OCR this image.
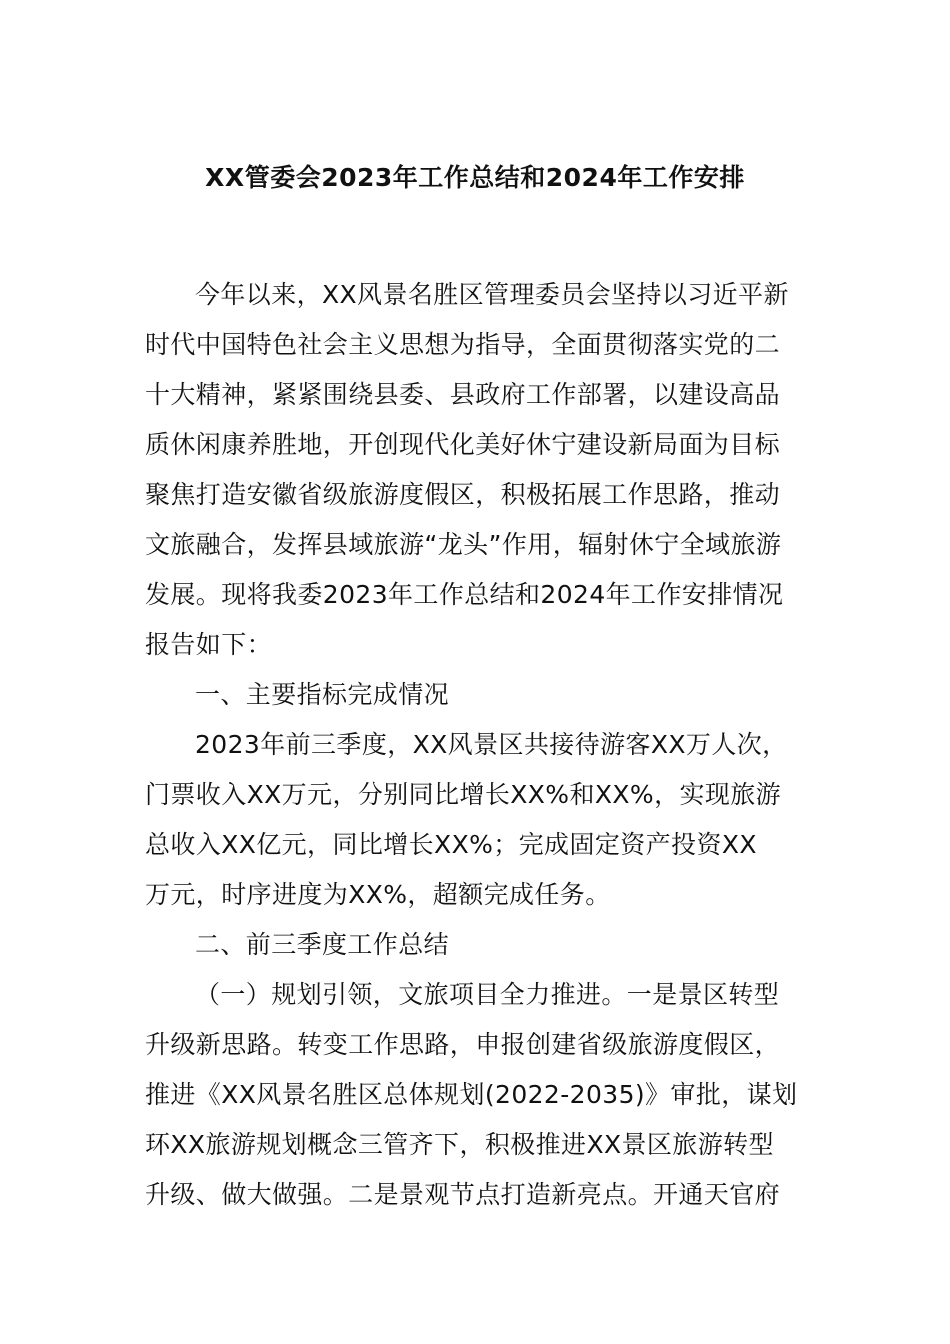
XX管委会2023年工作总结和2024年工作安排
今年以来，XX风景名胜区管理委员会坚持以习近平新
时代中国特色社会主义思想为指导，全面贯彻落实党的二
十大精神，紧紧围绕县委、县政府工作部署，以建设高品
质休闲康养胜地，开创现代化美好休宁建设新局面为目标
聚焦打造安徽省级旅游度假区，积极拓展工作思路，推动
文旅融合，发挥县域旅游“龙头”作用，辐射休宁全域旅游
发展。现将我委2023年工作总结和2024年工作安排情况
报告如下：
一、主要指标完成情况
2023年前三季度，XX风景区共接待游客XX万人次，
门票收入XX万元，分别同比增长XX%和XX%，实现旅游
总收入XX亿元，同比增长XX%；完成固定资产投资XX
万元，时序进度为XX%，超额完成任务。
二、前三季度工作总结
（一）规划引领，文旅项目全力推进。一是景区转型
升级新思路。转变工作思路，申报创建省级旅游度假区，
推进《XX风景名胜区总体规划(2022-2035)》审批，谋划
环XX旅游规划概念三管齐下，积极推进XX景区旅游转型
升级、做大做强。二是景观节点打造新亮点。开通天官府
